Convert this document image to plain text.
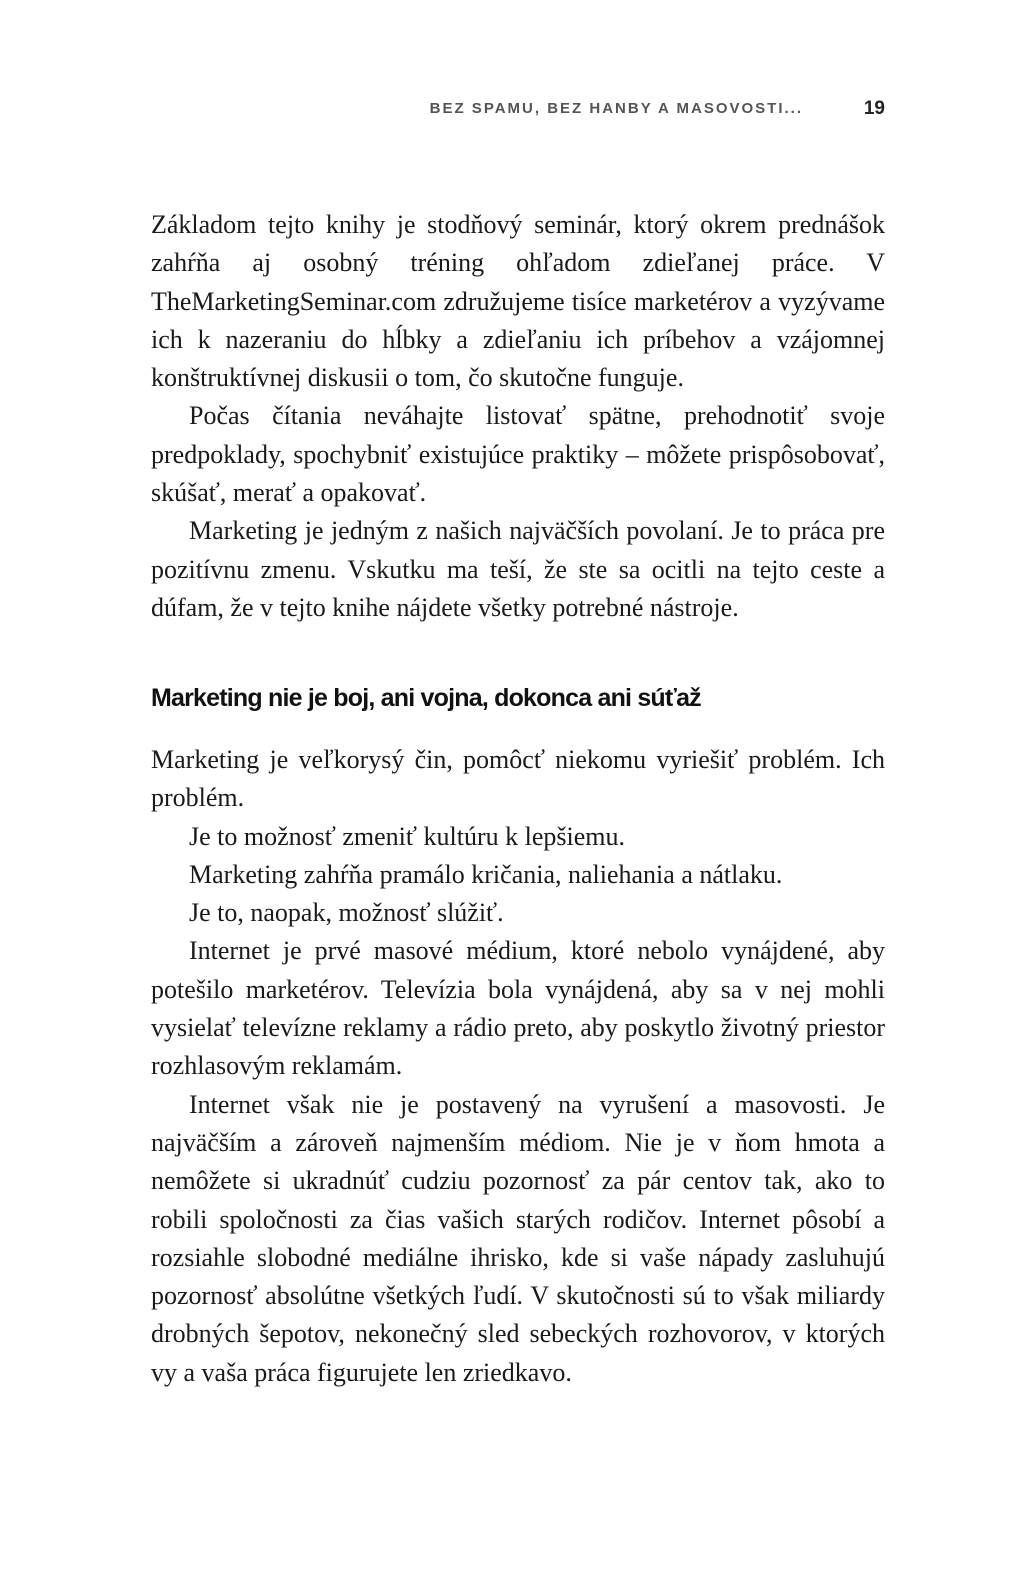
BEZ SPAMU, BEZ HANBY A MASOVOSTI...	19

Základom tejto knihy je stodňový seminár, ktorý okrem prednášok zahŕňa aj osobný tréning ohľadom zdieľanej práce. V TheMarketingSeminar.com združujeme tisíce marketérov a vyzývame ich k nazeraniu do hĺbky a zdieľaniu ich príbehov a vzájomnej konštruktívnej diskusii o tom, čo skutočne funguje.

Počas čítania neváhajte listovať spätne, prehodnotiť svoje predpoklady, spochybniť existujúce praktiky – môžete prispôsobovať, skúšať, merať a opakovať.

Marketing je jedným z našich najväčších povolaní. Je to práca pre pozitívnu zmenu. Vskutku ma teší, že ste sa ocitli na tejto ceste a dúfam, že v tejto knihe nájdete všetky potrebné nástroje.

Marketing nie je boj, ani vojna, dokonca ani súťaž

Marketing je veľkorysý čin, pomôcť niekomu vyriešiť problém. Ich problém.

Je to možnosť zmeniť kultúru k lepšiemu.

Marketing zahŕňa pramálo kričania, naliehania a nátlaku.

Je to, naopak, možnosť slúžiť.

Internet je prvé masové médium, ktoré nebolo vynájdené, aby potešilo marketérov. Televízia bola vynájdená, aby sa v nej mohli vysielať televízne reklamy a rádio preto, aby poskytlo životný priestor rozhlasovým reklamám.

Internet však nie je postavený na vyrušení a masovosti. Je najväčším a zároveň najmenším médiom. Nie je v ňom hmota a nemôžete si ukradnúť cudziu pozornosť za pár centov tak, ako to robili spoločnosti za čias vašich starých rodičov. Internet pôsobí a rozsiahle slobodné mediálne ihrisko, kde si vaše nápady zasluhujú pozornosť absolútne všetkých ľudí. V skutočnosti sú to však miliardy drobných šepotov, nekonečný sled sebeckých rozhovorov, v ktorých vy a vaša práca figurujete len zriedkavo.
